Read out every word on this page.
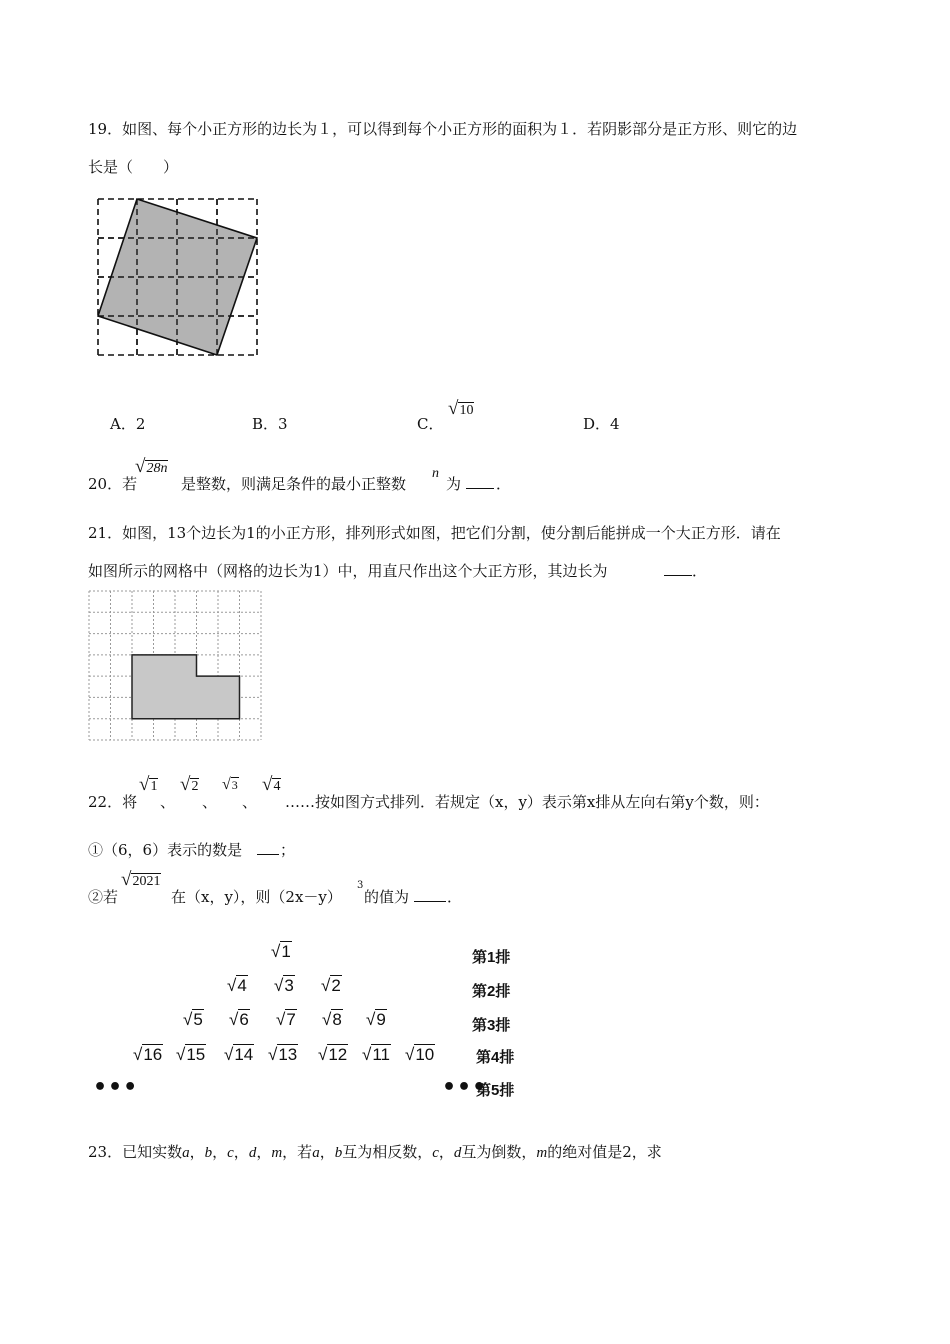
19．如图、每个小正方形的边长为１，可以得到每个小正方形的面积为１．若阴影部分是正方形、则它的边
长是（　　）
A．2	B．3	C．
√10
D．4
20．若
√28n
是整数，则满足条件的最小正整数
n
为 ．
21．如图，13个边长为1的小正方形，排列形式如图，把它们分割，使分割后能拼成一个大正方形．请在
如图所示的网格中（网格的边长为1）中，用直尺作出这个大正方形，其边长为	．
22．将
√1
、
√2
、
√3
、
√4
……按如图方式排列．若规定（x，y）表示第x排从左向右第y个数，则：
①（6，6）表示的数是	；
②若
√2021
在（x，y），则（2x－y）
3
的值为	．
√1
√4 √3 √2
√5 √6 √7 √8 √9
√16 √15 √14 √13 √12 √11 √10
•••	•••
第1排
第2排
第3排
第4排
第5排
23．已知实数a，b，c，d，m，若a，b互为相反数，c，d互为倒数，m的绝对值是2，求
